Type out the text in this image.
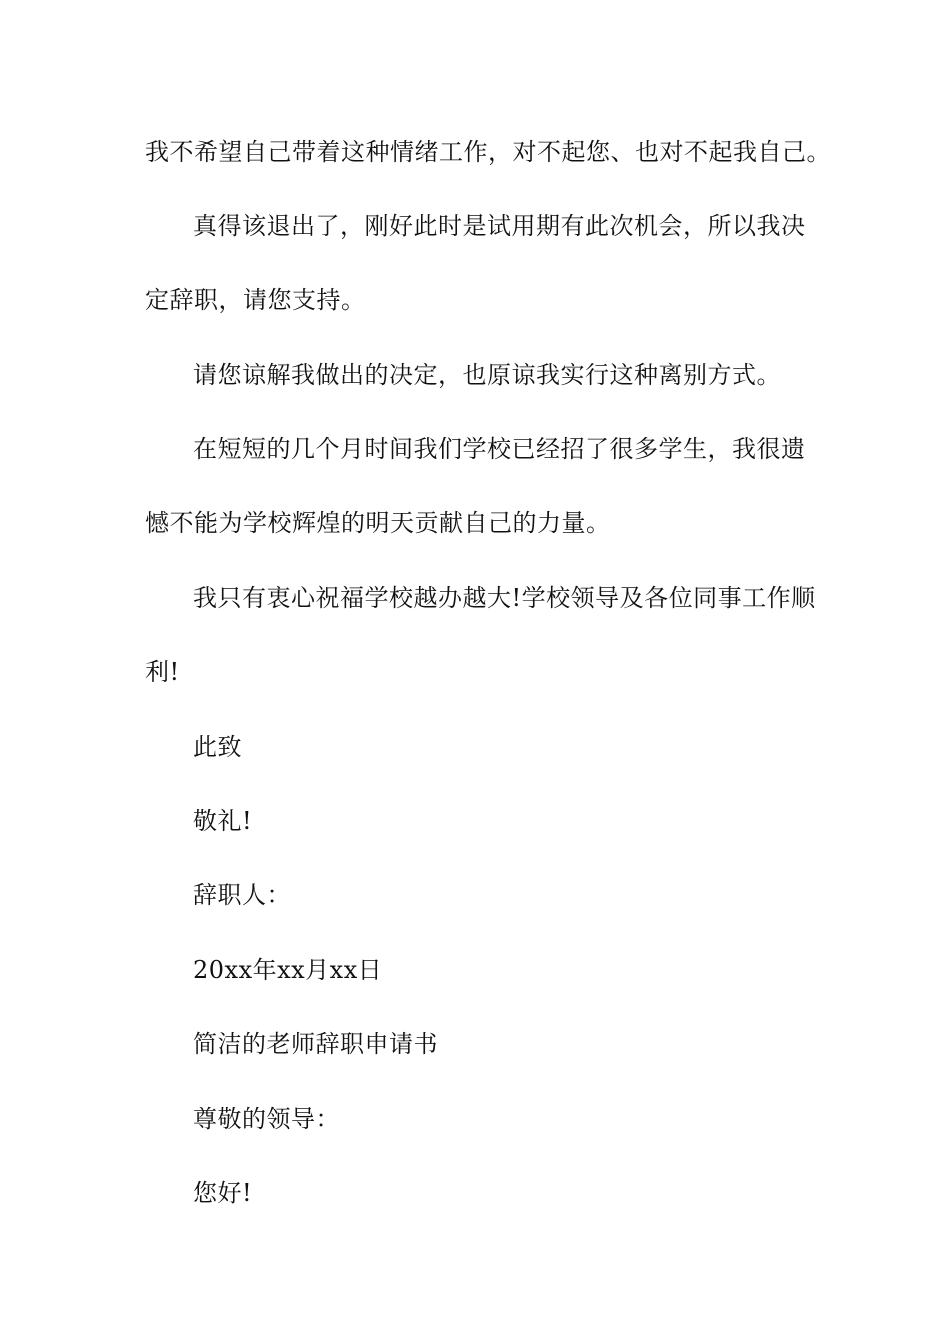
我不希望自己带着这种情绪工作，对不起您、也对不起我自己。
真得该退出了，刚好此时是试用期有此次机会，所以我决
定辞职，请您支持。
请您谅解我做出的决定，也原谅我实行这种离别方式。
在短短的几个月时间我们学校已经招了很多学生，我很遗
憾不能为学校辉煌的明天贡献自己的力量。
我只有衷心祝福学校越办越大!学校领导及各位同事工作顺
利!
此致
敬礼!
辞职人：
20xx年xx月xx日
简洁的老师辞职申请书
尊敬的领导：
您好!
